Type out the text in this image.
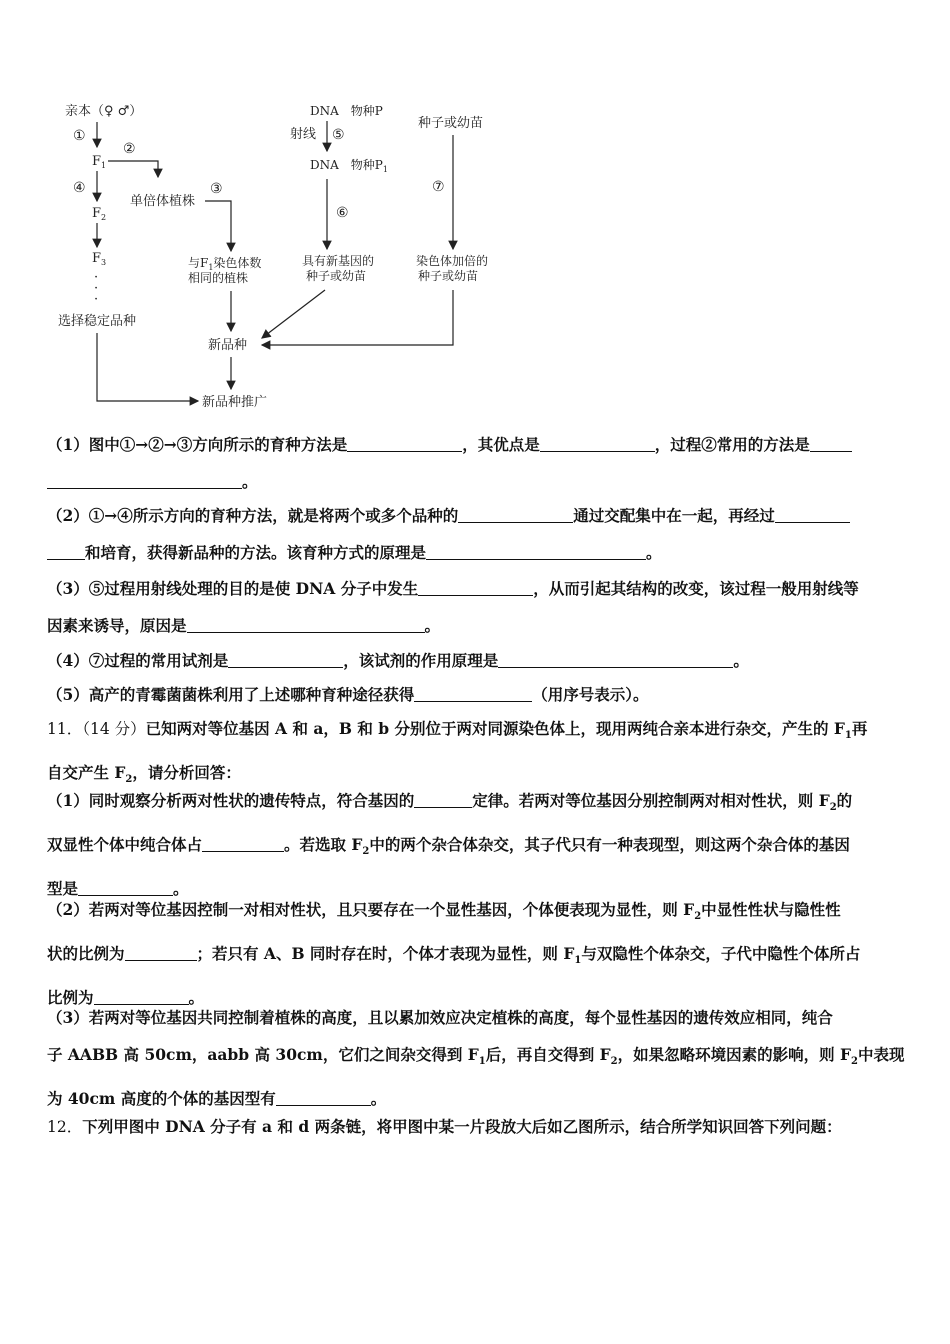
亲本（♀ ♂）
①
$F_1$
②
④
$F_2$
$F_3$
·
·
·
选择稳定品种
单倍体植株
③
与$F_1$染色体数
相同的植株
新品种
新品种推广
DNA　物种P
射线 ⑤
DNA　物种$P_1$
⑥
具有新基因的
种子或幼苗
种子或幼苗
⑦
染色体加倍的
种子或幼苗
（1）图中①→②→③方向所示的育种方法是	，其优点是	，过程②常用的方法是
。
（2）①→④所示方向的育种方法，就是将两个或多个品种的	通过交配集中在一起，再经过
和培育，获得新品种的方法。该育种方式的原理是	。
（3）⑤过程用射线处理的目的是使 DNA 分子中发生	，从而引起其结构的改变，该过程一般用射线等
因素来诱导，原因是	。
（4）⑦过程的常用试剂是	，该试剂的作用原理是	。
（5）高产的青霉菌菌株利用了上述哪种育种途径获得	（用序号表示）。
11．（14 分）已知两对等位基因 A 和 a，B 和 b 分别位于两对同源染色体上，现用两纯合亲本进行杂交，产生的 $F_1$再
自交产生 $F_2$，请分析回答：
（1）同时观察分析两对性状的遗传特点，符合基因的	定律。若两对等位基因分别控制两对相对性状，则 $F_2$的
双显性个体中纯合体占	。若选取 $F_2$中的两个杂合体杂交，其子代只有一种表现型，则这两个杂合体的基因
型是	。
（2）若两对等位基因控制一对相对性状，且只要存在一个显性基因，个体便表现为显性，则 $F_2$中显性性状与隐性性
状的比例为	；若只有 A、B 同时存在时，个体才表现为显性，则 $F_1$与双隐性个体杂交，子代中隐性个体所占
比例为	。
（3）若两对等位基因共同控制着植株的高度，且以累加效应决定植株的高度，每个显性基因的遗传效应相同，纯合
子 AABB 高 50cm，aabb 高 30cm，它们之间杂交得到 $F_1$后，再自交得到 $F_2$，如果忽略环境因素的影响，则 $F_2$中表现
为 40cm 高度的个体的基因型有	。
12．下列甲图中 DNA 分子有 a 和 d 两条链，将甲图中某一片段放大后如乙图所示，结合所学知识回答下列问题：
